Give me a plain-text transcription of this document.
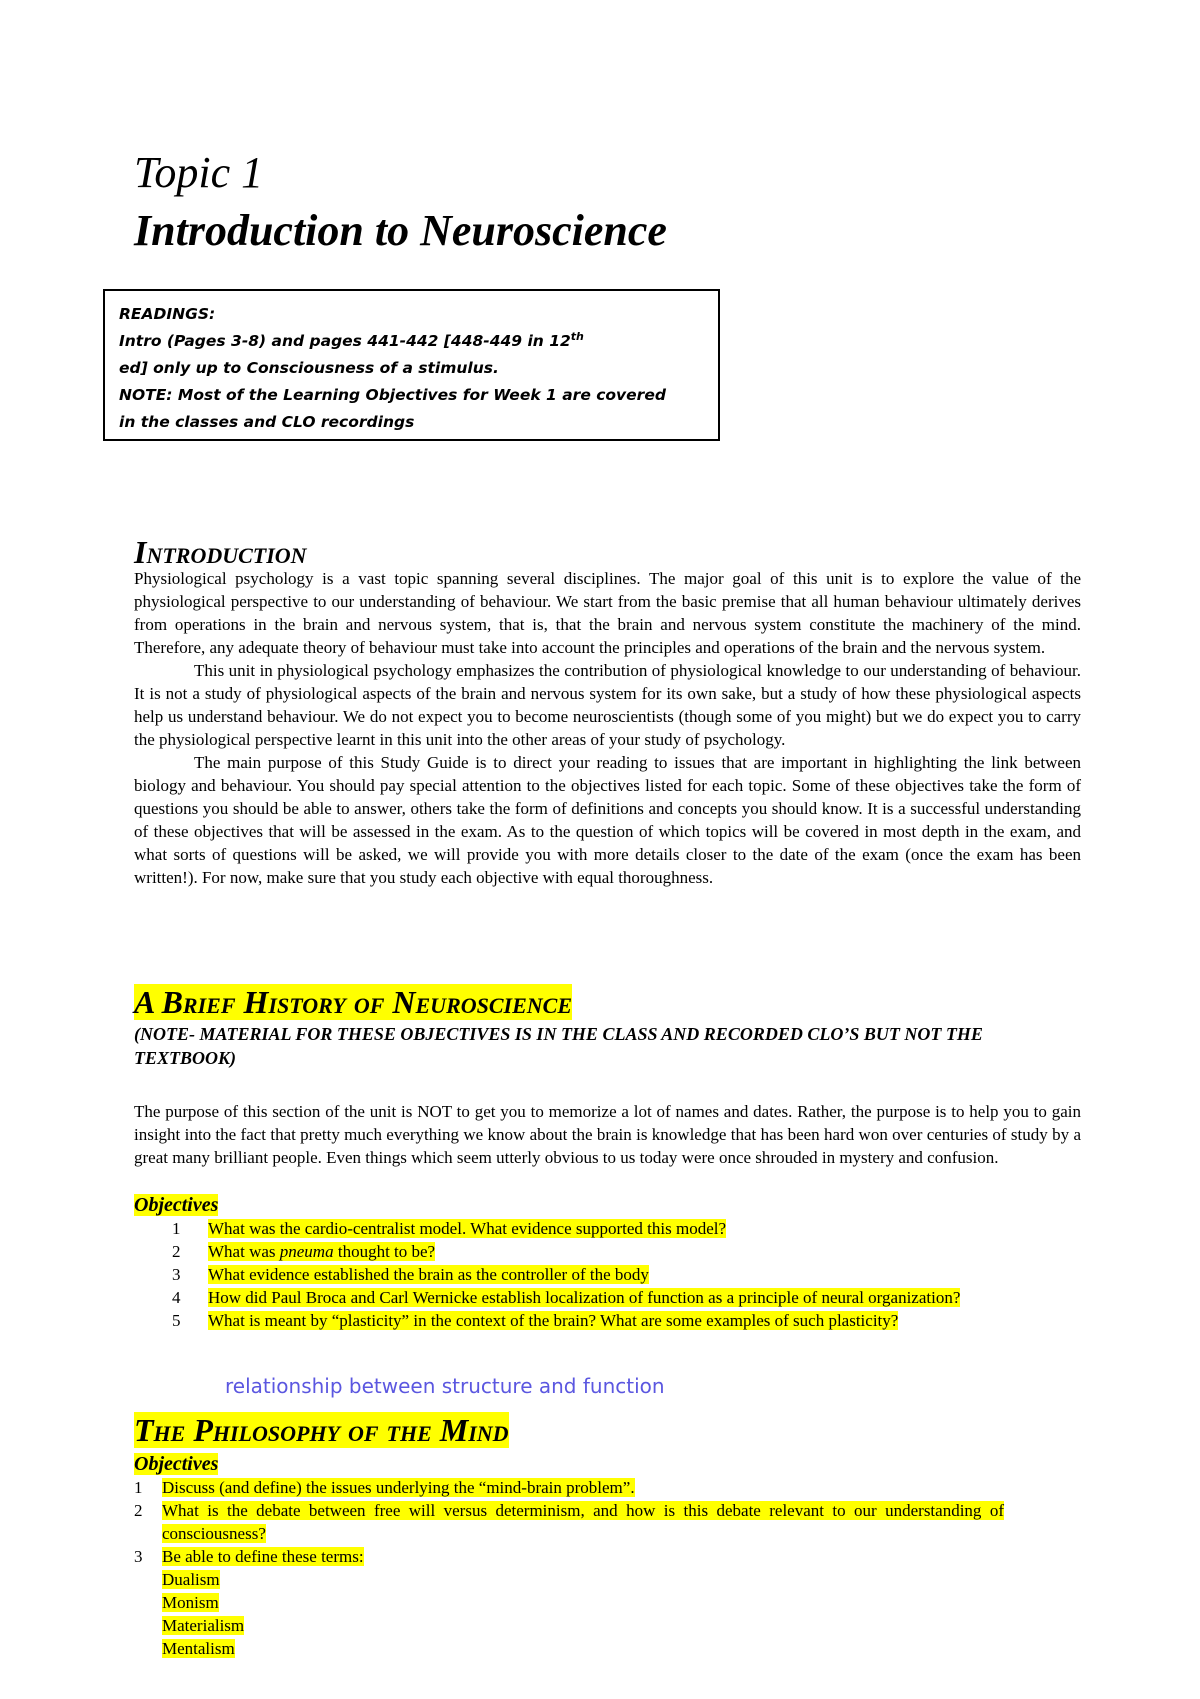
Topic 1
Introduction to Neuroscience
READINGS:
Intro (Pages 3-8) and pages 441-442 [448-449 in 12th
ed] only up to Consciousness of a stimulus.
NOTE: Most of the Learning Objectives for Week 1 are covered
in the classes and CLO recordings
Introduction

Physiological psychology is a vast topic spanning several disciplines. The major goal of this unit is to explore the value of the physiological perspective to our understanding of behaviour. We start from the basic premise that all human behaviour ultimately derives from operations in the brain and nervous system, that is, that the brain and nervous system constitute the machinery of the mind. Therefore, any adequate theory of behaviour must take into account the principles and operations of the brain and the nervous system.

This unit in physiological psychology emphasizes the contribution of physiological knowledge to our understanding of behaviour. It is not a study of physiological aspects of the brain and nervous system for its own sake, but a study of how these physiological aspects help us understand behaviour. We do not expect you to become neuroscientists (though some of you might) but we do expect you to carry the physiological perspective learnt in this unit into the other areas of your study of psychology.

The main purpose of this Study Guide is to direct your reading to issues that are important in highlighting the link between biology and behaviour. You should pay special attention to the objectives listed for each topic. Some of these objectives take the form of questions you should be able to answer, others take the form of definitions and concepts you should know. It is a successful understanding of these objectives that will be assessed in the exam. As to the question of which topics will be covered in most depth in the exam, and what sorts of questions will be asked, we will provide you with more details closer to the date of the exam (once the exam has been written!). For now, make sure that you study each objective with equal thoroughness.

A Brief History of Neuroscience
(NOTE- MATERIAL FOR THESE OBJECTIVES IS IN THE CLASS AND RECORDED CLO’S BUT NOT THE TEXTBOOK)
The purpose of this section of the unit is NOT to get you to memorize a lot of names and dates. Rather, the purpose is to help you to gain insight into the fact that pretty much everything we know about the brain is knowledge that has been hard won over centuries of study by a great many brilliant people. Even things which seem utterly obvious to us today were once shrouded in mystery and confusion.
Objectives
1 What was the cardio-centralist model. What evidence supported this model?
2 What was pneuma thought to be?
3 What evidence established the brain as the controller of the body
4 How did Paul Broca and Carl Wernicke establish localization of function as a principle of neural organization?
5 What is meant by “plasticity” in the context of the brain? What are some examples of such plasticity?
relationship between structure and function
The Philosophy of the Mind
Objectives
1 Discuss (and define) the issues underlying the “mind-brain problem”.
2 What is the debate between free will versus determinism, and how is this debate relevant to our understanding of consciousness?
3 Be able to define these terms:
Dualism
Monism
Materialism
Mentalism
